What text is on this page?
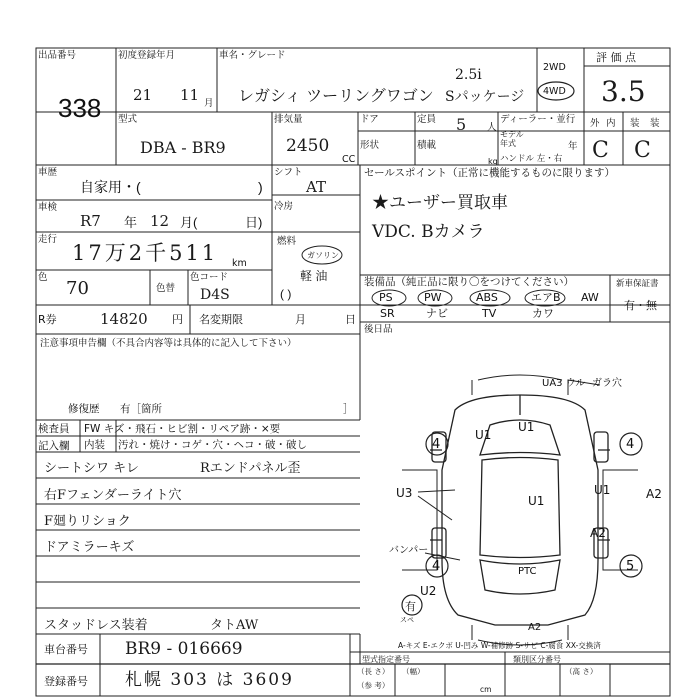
出品番号
338
初度登録年月
21 11 月
車名・グレード
レガシィ ツーリングワゴン
2.5i
Sパッケージ
2WD
4WD
評 価 点
3.5
型式
DBA - BR9
排気量
2450
CC
ドア	定員 5 人
ディーラー・並行
モデル
年式	年
形状	積載
kg ハンドル 左・右
外 内 装 装
C C
車歴
自家用・(	)
シフト
AT
冷房
車検
R7 年 12 月(	日)
走行
17万2千511 km
燃料
ガソリン
軽 油
( )
色
70	色替
色コード
D4S
R券	14820 円 名変期限	月	日
セールスポイント（正常に機能するものに限ります）
★ユーザー買取車
VDC. Bカメラ
装備品（純正品に限り〇をつけてください）
PS	PW	ABS	エアB AW
SR	ナビ	TV	カワ
新車保証書
有・無
後日品
注意事項申告欄（不具合内容等は具体的に記入して下さい）
修復歴 有［箇所	］
検査員 FW キズ・飛石・ヒビ割・リペア跡・×要
内装 汚れ・焼け・コゲ・穴・ヘコ・破・破し
記入欄
シートシワ キレ	Rエンドパネル歪
右Fフェンダーライト穴
F廻りリショク
ドアミラーキズ
スタッドレス装着	タトAW
車台番号 BR9 - 016669
登録番号 札幌 303 は 3609
UA3 ウル ガラ穴
U1
U1
U1
U1
U3	A2
A2
A2
バンパー
PTC
U2
4	4
4	5
有
スペ
A-キズ E-エクボ U-凹み W-補修跡 S-サビ C-腐食 XX-交換済
型式指定番号	類別区分番号
（長 さ）
（参 考）
（幅）	（高 さ）
cm
